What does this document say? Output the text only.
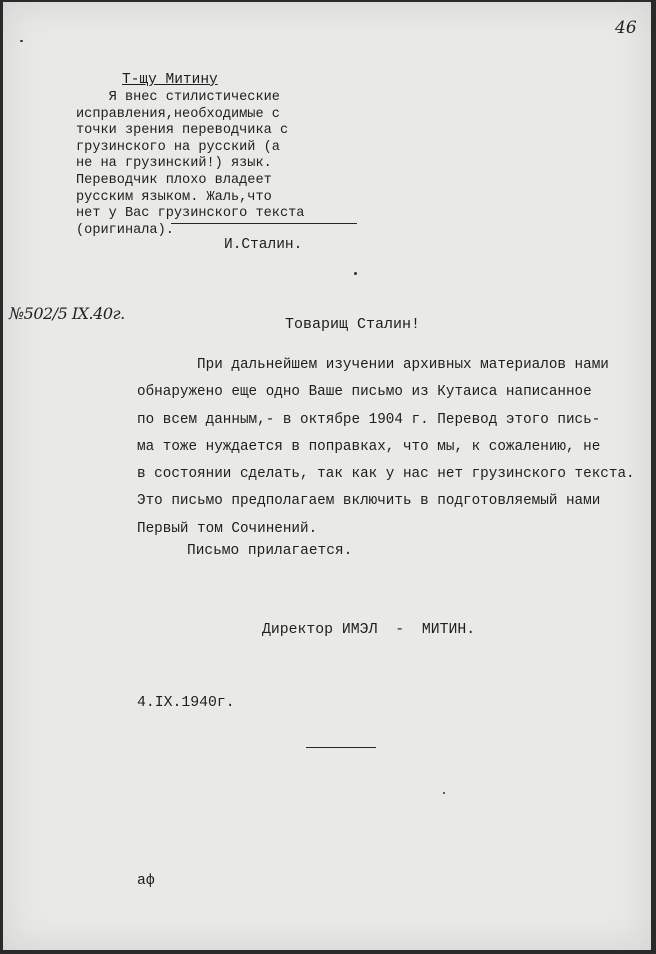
46
Т-щу Митину
Я внес стилистические
исправления,необходимые с
точки зрения переводчика с
грузинского на русский (а
не на грузинский!) язык.
Переводчик плохо владеет
русским языком. Жаль,что
нет у Вас грузинского текста
(оригинала).
И.Сталин.
№502/5 IX.40г.
Товарищ Сталин!
При дальнейшем изучении архивных материалов нами
обнаружено еще одно Ваше письмо из Кутаиса написанное
по всем данным,- в октябре 1904 г. Перевод этого пись-
ма тоже нуждается в поправках, что мы, к сожалению, не
в состоянии сделать, так как у нас нет грузинского текста.
Это письмо предполагаем включить в подготовляемый нами
Первый том Сочинений.
Письмо прилагается.
Директор ИМЭЛ  -  МИТИН.
4.IX.1940г.
аф
